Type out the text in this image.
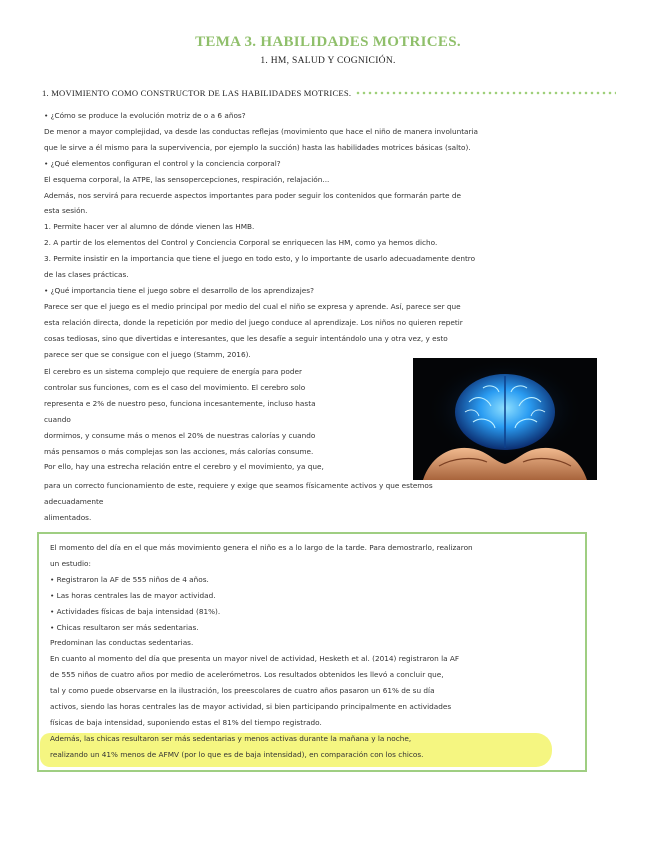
TEMA 3. HABILIDADES MOTRICES.
1. HM, SALUD Y COGNICIÓN.
1. MOVIMIENTO COMO CONSTRUCTOR DE LAS HABILIDADES MOTRICES.

• ¿Cómo se produce la evolución motriz de o a 6 años?

De menor a mayor complejidad, va desde las conductas reflejas (movimiento que hace el niño de manera involuntaria

que le sirve a él mismo para la supervivencia, por ejemplo la succión) hasta las habilidades motrices básicas (salto).

• ¿Qué elementos configuran el control y la conciencia corporal?

El esquema corporal, la ATPE, las sensopercepciones, respiración, relajación...

Además, nos servirá para recuerde aspectos importantes para poder seguir los contenidos que formarán parte de

esta sesión.

1. Permite hacer ver al alumno de dónde vienen las HMB.

2. A partir de los elementos del Control y Conciencia Corporal se enriquecen las HM, como ya hemos dicho.

3. Permite insistir en la importancia que tiene el juego en todo esto, y lo importante de usarlo adecuadamente dentro

de las clases prácticas.

• ¿Qué importancia tiene el juego sobre el desarrollo de los aprendizajes?

Parece ser que el juego es el medio principal por medio del cual el niño se expresa y aprende. Así, parece ser que

esta relación directa, donde la repetición por medio del juego conduce al aprendizaje. Los niños no quieren repetir

cosas tediosas, sino que divertidas e interesantes, que les desafíe a seguir intentándolo una y otra vez, y esto

parece ser que se consigue con el juego (Stamm, 2016).

El cerebro es un sistema complejo que requiere de energía para poder

controlar sus funciones, com es el caso del movimiento. El cerebro solo

representa e 2% de nuestro peso, funciona incesantemente, incluso hasta

cuando

dormimos, y consume más o menos el 20% de nuestras calorías y cuando

más pensamos o más complejas son las acciones, más calorías consume.

Por ello, hay una estrecha relación entre el cerebro y el movimiento, ya que,

para un correcto funcionamiento de este, requiere y exige que seamos físicamente activos y que estemos

adecuadamente

alimentados.

El momento del día en el que más movimiento genera el niño es a lo largo de la tarde. Para demostrarlo, realizaron

un estudio:

• Registraron la AF de 555 niños de 4 años.

• Las horas centrales las de mayor actividad.

• Actividades físicas de baja intensidad (81%).

• Chicas resultaron ser más sedentarias.

Predominan las conductas sedentarias.

En cuanto al momento del día que presenta un mayor nivel de actividad, Hesketh et al. (2014) registraron la AF

de 555 niños de cuatro años por medio de acelerómetros. Los resultados obtenidos les llevó a concluir que,

tal y como puede observarse en la ilustración, los preescolares de cuatro años pasaron un 61% de su día

activos, siendo las horas centrales las de mayor actividad, si bien participando principalmente en actividades

físicas de baja intensidad, suponiendo estas el 81% del tiempo registrado.

Además, las chicas resultaron ser más sedentarias y menos activas durante la mañana y la noche,

realizando un 41% menos de AFMV (por lo que es de baja intensidad), en comparación con los chicos.
